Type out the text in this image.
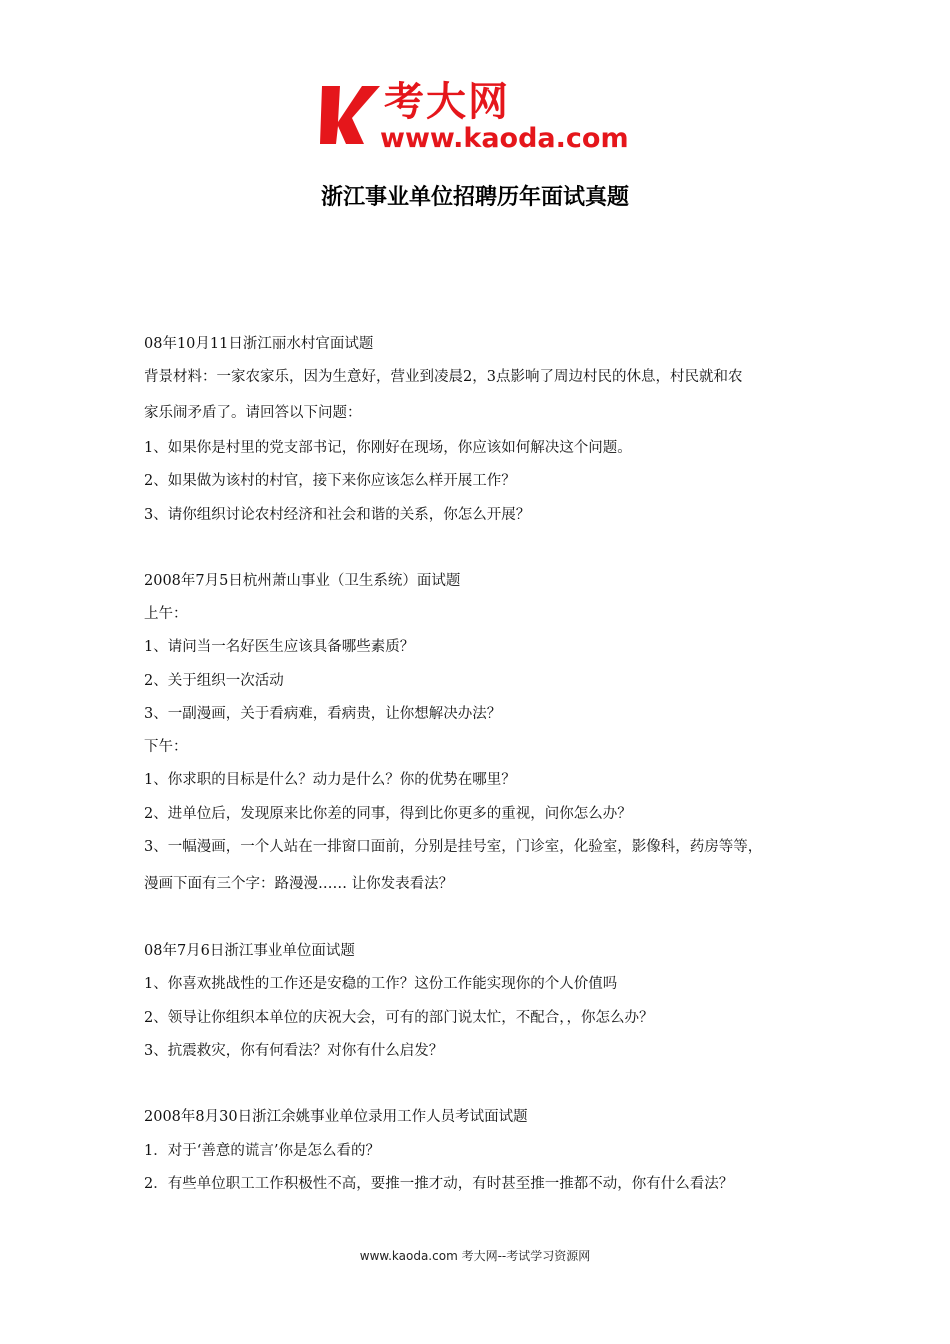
考大网
www.kaoda.com
浙江事业单位招聘历年面试真题
08年10月11日浙江丽水村官面试题
背景材料：一家农家乐，因为生意好，营业到凌晨2，3点影响了周边村民的休息，村民就和农
家乐闹矛盾了。请回答以下问题：
1、如果你是村里的党支部书记，你刚好在现场，你应该如何解决这个问题。
2、如果做为该村的村官，接下来你应该怎么样开展工作？
3、请你组织讨论农村经济和社会和谐的关系，你怎么开展？
2008年7月5日杭州萧山事业（卫生系统）面试题
上午：
1、请问当一名好医生应该具备哪些素质？
2、关于组织一次活动
3、一副漫画，关于看病难，看病贵，让你想解决办法？
下午：
1、你求职的目标是什么？动力是什么？你的优势在哪里？
2、进单位后，发现原来比你差的同事，得到比你更多的重视，问你怎么办？
3、一幅漫画，一个人站在一排窗口面前，分别是挂号室，门诊室，化验室，影像科，药房等等，
漫画下面有三个字：路漫漫…… 让你发表看法？
08年7月6日浙江事业单位面试题
1、你喜欢挑战性的工作还是安稳的工作？这份工作能实现你的个人价值吗
2、领导让你组织本单位的庆祝大会，可有的部门说太忙，不配合，，你怎么办？
3、抗震救灾，你有何看法？对你有什么启发？
2008年8月30日浙江余姚事业单位录用工作人员考试面试题
1．对于‘善意的谎言’你是怎么看的？
2．有些单位职工工作积极性不高，要推一推才动，有时甚至推一推都不动，你有什么看法？
www.kaoda.com 考大网--考试学习资源网
